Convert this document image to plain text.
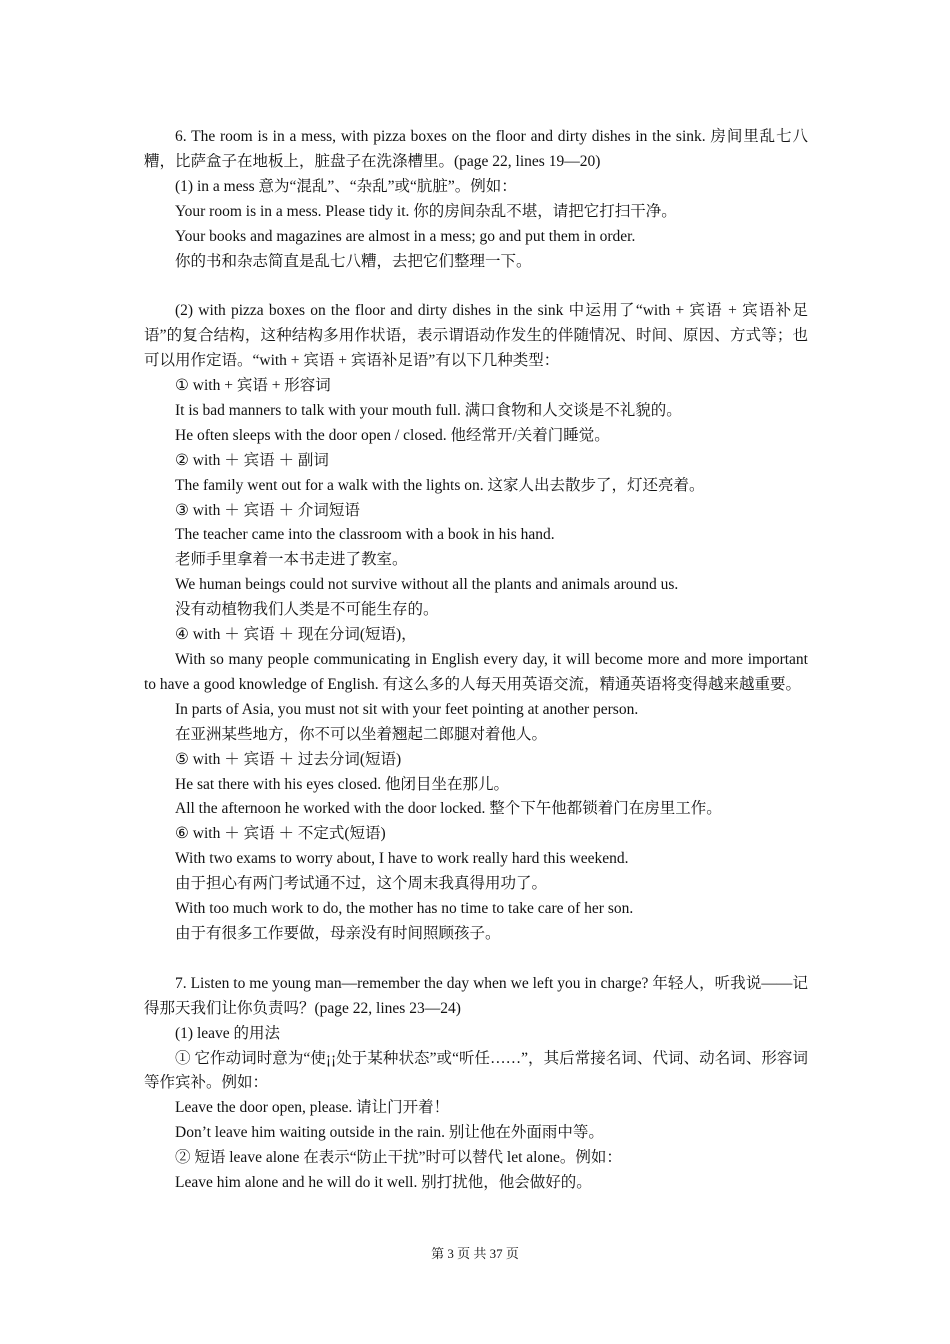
6. The room is in a mess, with pizza boxes on the floor and dirty dishes in the sink. 房间里乱七八糟，比萨盒子在地板上，脏盘子在洗涤槽里。(page 22, lines 19—20)

(1) in a mess 意为“混乱”、“杂乱”或“肮脏”。例如：

Your room is in a mess. Please tidy it. 你的房间杂乱不堪，请把它打扫干净。

Your books and magazines are almost in a mess; go and put them in order.

你的书和杂志简直是乱七八糟，去把它们整理一下。

(2) with pizza boxes on the floor and dirty dishes in the sink 中运用了“with + 宾语 + 宾语补足语”的复合结构，这种结构多用作状语，表示谓语动作发生的伴随情况、时间、原因、方式等；也可以用作定语。“with + 宾语 + 宾语补足语”有以下几种类型：

① with + 宾语 + 形容词

It is bad manners to talk with your mouth full. 满口食物和人交谈是不礼貌的。

He often sleeps with the door open / closed. 他经常开/关着门睡觉。

② with ＋ 宾语 ＋ 副词

The family went out for a walk with the lights on. 这家人出去散步了，灯还亮着。

③ with ＋ 宾语 ＋ 介词短语

The teacher came into the classroom with a book in his hand.

老师手里拿着一本书走进了教室。

We human beings could not survive without all the plants and animals around us.

没有动植物我们人类是不可能生存的。

④ with ＋ 宾语 ＋ 现在分词(短语)，

With so many people communicating in English every day, it will become more and more important to have a good knowledge of English. 有这么多的人每天用英语交流，精通英语将变得越来越重要。

In parts of Asia, you must not sit with your feet pointing at another person.

在亚洲某些地方，你不可以坐着翘起二郎腿对着他人。

⑤ with ＋ 宾语 ＋ 过去分词(短语)

He sat there with his eyes closed. 他闭目坐在那儿。

All the afternoon he worked with the door locked. 整个下午他都锁着门在房里工作。

⑥ with ＋ 宾语 ＋ 不定式(短语)

With two exams to worry about, I have to work really hard this weekend.

由于担心有两门考试通不过，这个周末我真得用功了。

With too much work to do, the mother has no time to take care of her son.

由于有很多工作要做，母亲没有时间照顾孩子。

7. Listen to me young man—remember the day when we left you in charge? 年轻人，听我说——记得那天我们让你负责吗？(page 22, lines 23—24)

(1) leave 的用法

① 它作动词时意为“使¡¡处于某种状态”或“听任……”，其后常接名词、代词、动名词、形容词等作宾补。例如：

Leave the door open, please. 请让门开着！

Don’t leave him waiting outside in the rain. 别让他在外面雨中等。

② 短语 leave alone 在表示“防止干扰”时可以替代 let alone。例如：

Leave him alone and he will do it well. 别打扰他，他会做好的。

第 3 页 共 37 页
